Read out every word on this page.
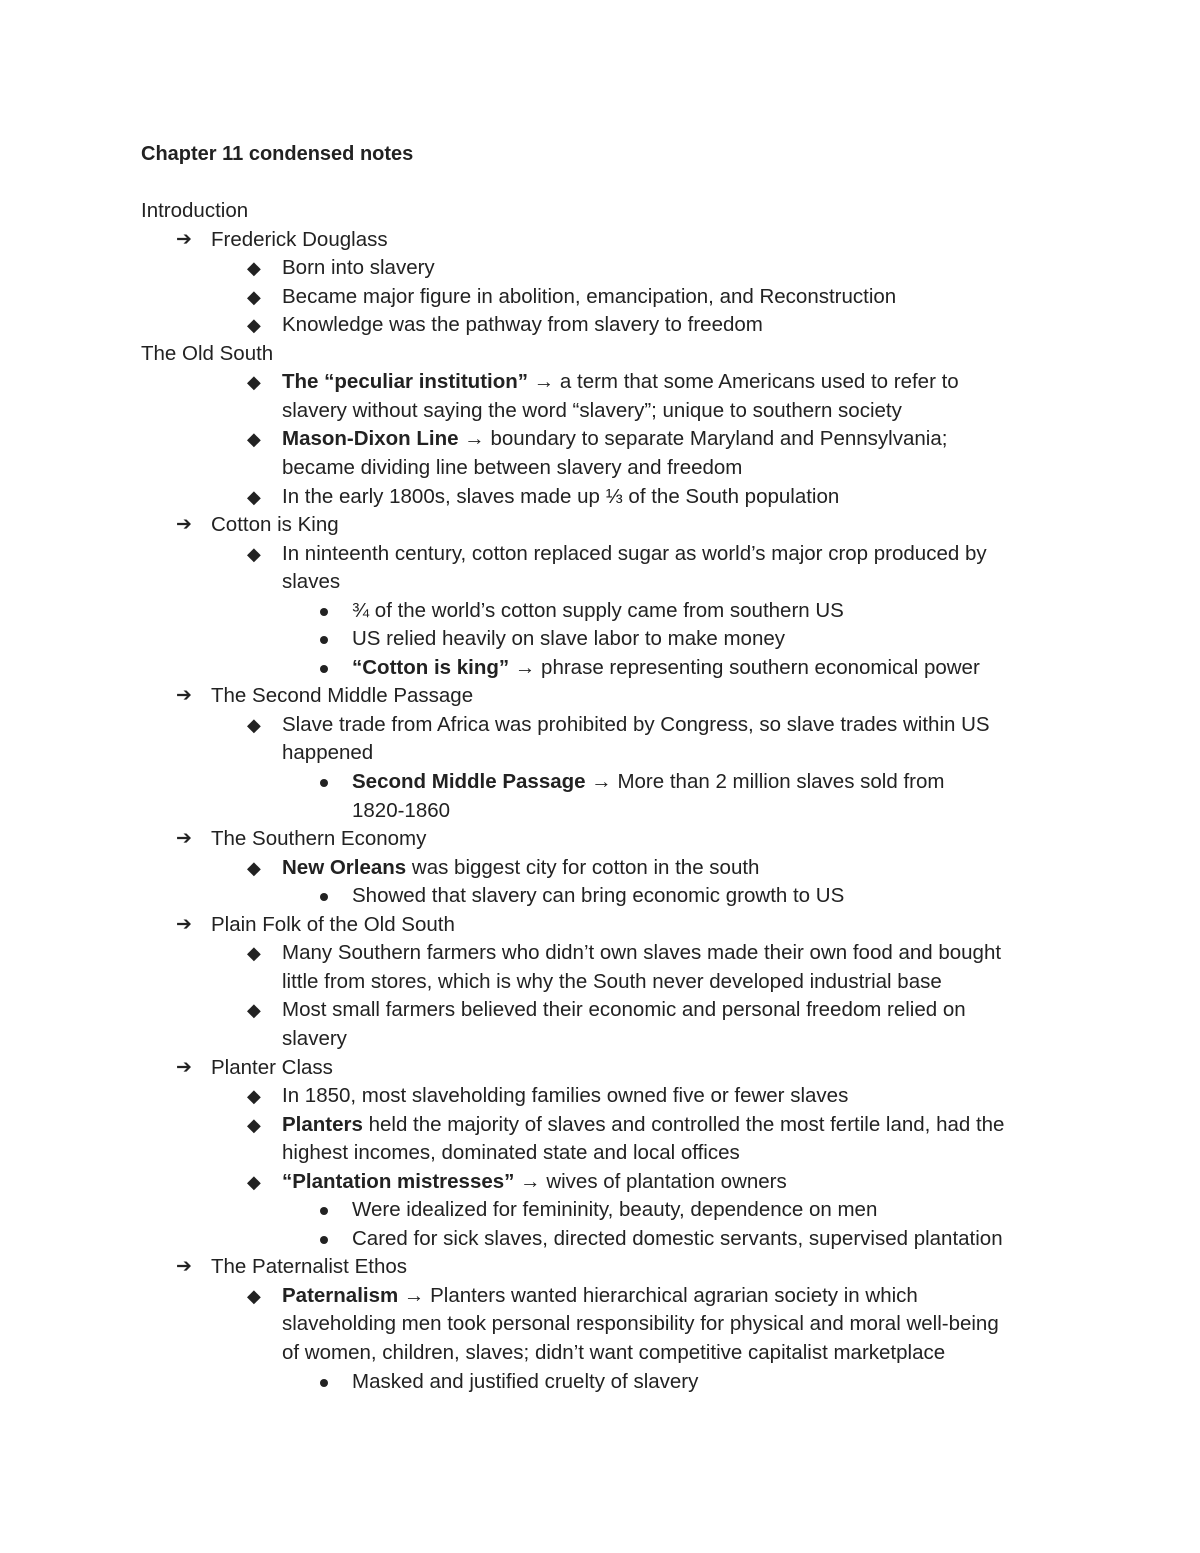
Chapter 11 condensed notes
Introduction
➔ Frederick Douglass
◆ Born into slavery
◆ Became major figure in abolition, emancipation, and Reconstruction
◆ Knowledge was the pathway from slavery to freedom
The Old South
◆ The “peculiar institution” → a term that some Americans used to refer to
slavery without saying the word “slavery”; unique to southern society
◆ Mason-Dixon Line → boundary to separate Maryland and Pennsylvania;
became dividing line between slavery and freedom
◆ In the early 1800s, slaves made up ⅓ of the South population
➔ Cotton is King
◆ In ninteenth century, cotton replaced sugar as world’s major crop produced by
slaves
¾ of the world’s cotton supply came from southern US
US relied heavily on slave labor to make money
“Cotton is king” → phrase representing southern economical power
➔ The Second Middle Passage
◆ Slave trade from Africa was prohibited by Congress, so slave trades within US
happened
Second Middle Passage → More than 2 million slaves sold from
1820-1860
➔ The Southern Economy
◆ New Orleans was biggest city for cotton in the south
Showed that slavery can bring economic growth to US
➔ Plain Folk of the Old South
◆ Many Southern farmers who didn’t own slaves made their own food and bought
little from stores, which is why the South never developed industrial base
◆ Most small farmers believed their economic and personal freedom relied on
slavery
➔ Planter Class
◆ In 1850, most slaveholding families owned five or fewer slaves
◆ Planters held the majority of slaves and controlled the most fertile land, had the
highest incomes, dominated state and local offices
◆ “Plantation mistresses” → wives of plantation owners
Were idealized for femininity, beauty, dependence on men
Cared for sick slaves, directed domestic servants, supervised plantation
➔ The Paternalist Ethos
◆ Paternalism → Planters wanted hierarchical agrarian society in which
slaveholding men took personal responsibility for physical and moral well-being
of women, children, slaves; didn’t want competitive capitalist marketplace
Masked and justified cruelty of slavery
